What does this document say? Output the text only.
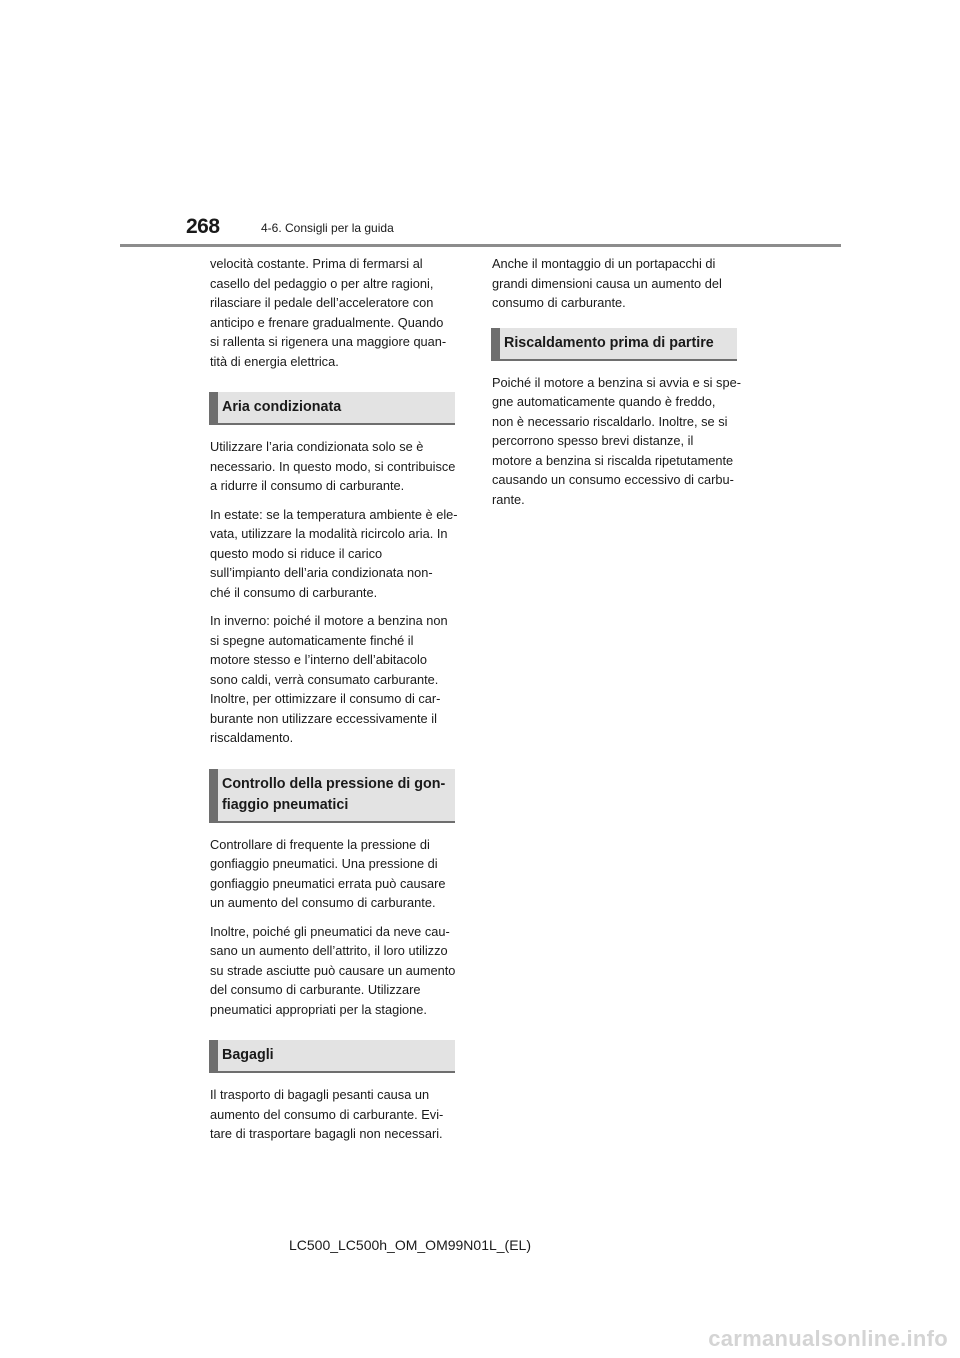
268	4-6. Consigli per la guida

velocità costante. Prima di fermarsi al
casello del pedaggio o per altre ragioni,
rilasciare il pedale dell’acceleratore con
anticipo e frenare gradualmente. Quando
si rallenta si rigenera una maggiore quan-
tità di energia elettrica.

Aria condizionata

Utilizzare l’aria condizionata solo se è
necessario. In questo modo, si contribuisce
a ridurre il consumo di carburante.

In estate: se la temperatura ambiente è ele-
vata, utilizzare la modalità ricircolo aria. In
questo modo si riduce il carico
sull’impianto dell’aria condizionata non-
ché il consumo di carburante.

In inverno: poiché il motore a benzina non
si spegne automaticamente finché il
motore stesso e l’interno dell’abitacolo
sono caldi, verrà consumato carburante.
Inoltre, per ottimizzare il consumo di car-
burante non utilizzare eccessivamente il
riscaldamento.

Controllo della pressione di gon-
fiaggio pneumatici

Controllare di frequente la pressione di
gonfiaggio pneumatici. Una pressione di
gonfiaggio pneumatici errata può causare
un aumento del consumo di carburante.

Inoltre, poiché gli pneumatici da neve cau-
sano un aumento dell’attrito, il loro utilizzo
su strade asciutte può causare un aumento
del consumo di carburante. Utilizzare
pneumatici appropriati per la stagione.

Bagagli

Il trasporto di bagagli pesanti causa un
aumento del consumo di carburante. Evi-
tare di trasportare bagagli non necessari.

Anche il montaggio di un portapacchi di
grandi dimensioni causa un aumento del
consumo di carburante.

Riscaldamento prima di partire

Poiché il motore a benzina si avvia e si spe-
gne automaticamente quando è freddo,
non è necessario riscaldarlo. Inoltre, se si
percorrono spesso brevi distanze, il
motore a benzina si riscalda ripetutamente
causando un consumo eccessivo di carbu-
rante.

LC500_LC500h_OM_OM99N01L_(EL)
carmanualsonline.info
